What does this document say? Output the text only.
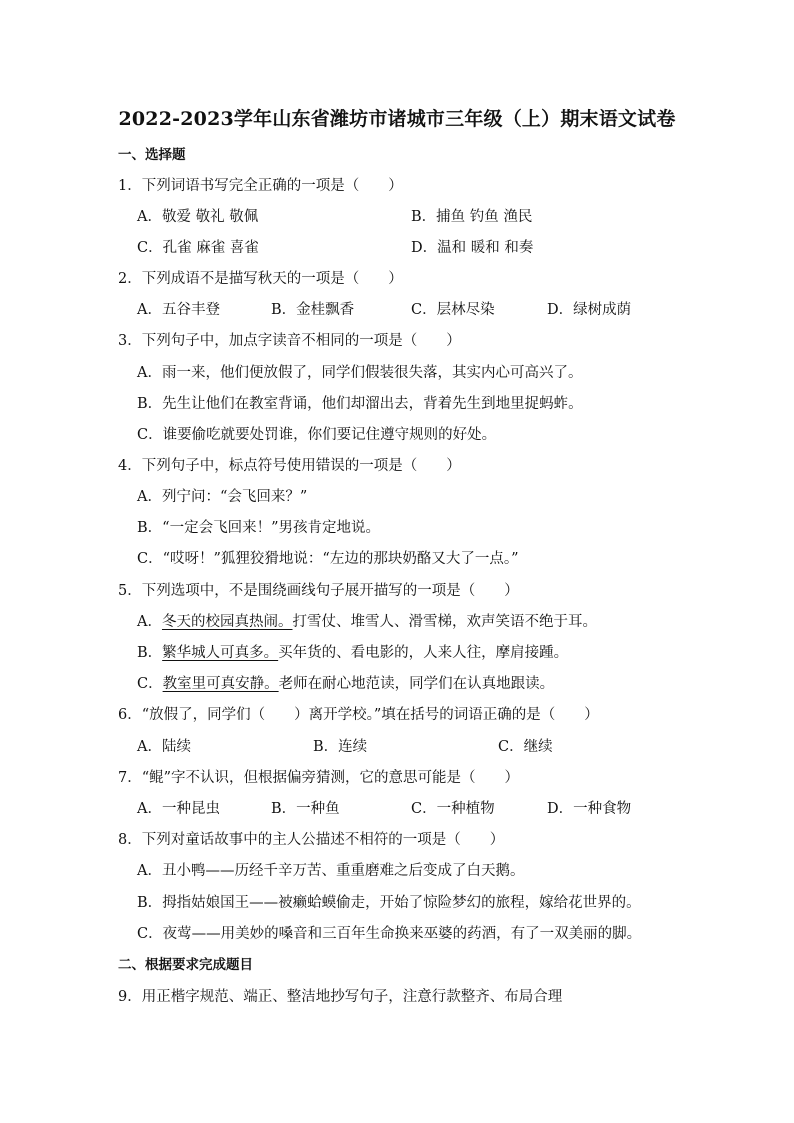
2022-2023学年山东省潍坊市诸城市三年级（上）期末语文试卷
一、选择题
1．下列词语书写完全正确的一项是（　　）
A．敬爱 敬礼 敬佩	B．捕鱼 钓鱼 渔民
C．孔雀 麻雀 喜雀	D．温和 暖和 和奏
2．下列成语不是描写秋天的一项是（　　）
A．五谷丰登	B．金桂飘香	C．层林尽染	D．绿树成荫
3．下列句子中，加点字读音不相同的一项是（　　）
A．雨一来，他们便放假了，同学们假装很失落，其实内心可高兴了。
B．先生让他们在教室背诵，他们却溜出去，背着先生到地里捉蚂蚱。
C．谁要偷吃就要处罚谁，你们要记住遵守规则的好处。
4．下列句子中，标点符号使用错误的一项是（　　）
A．列宁问：“会飞回来？”
B．“一定会飞回来！”男孩肯定地说。
C．“哎呀！”狐狸狡猾地说：“左边的那块奶酪又大了一点。”
5．下列选项中，不是围绕画线句子展开描写的一项是（　　）
A．冬天的校园真热闹。打雪仗、堆雪人、滑雪梯，欢声笑语不绝于耳。
B．繁华城人可真多。买年货的、看电影的，人来人往，摩肩接踵。
C．教室里可真安静。老师在耐心地范读，同学们在认真地跟读。
6．“放假了，同学们（　　）离开学校。”填在括号的词语正确的是（　　）
A．陆续	B．连续	C．继续
7．“鲲”字不认识，但根据偏旁猜测，它的意思可能是（　　）
A．一种昆虫	B．一种鱼	C．一种植物	D．一种食物
8．下列对童话故事中的主人公描述不相符的一项是（　　）
A．丑小鸭——历经千辛万苦、重重磨难之后变成了白天鹅。
B．拇指姑娘国王——被癞蛤蟆偷走，开始了惊险梦幻的旅程，嫁给花世界的。
C．夜莺——用美妙的嗓音和三百年生命换来巫婆的药酒，有了一双美丽的脚。
二、根据要求完成题目
9．用正楷字规范、端正、整洁地抄写句子，注意行款整齐、布局合理
